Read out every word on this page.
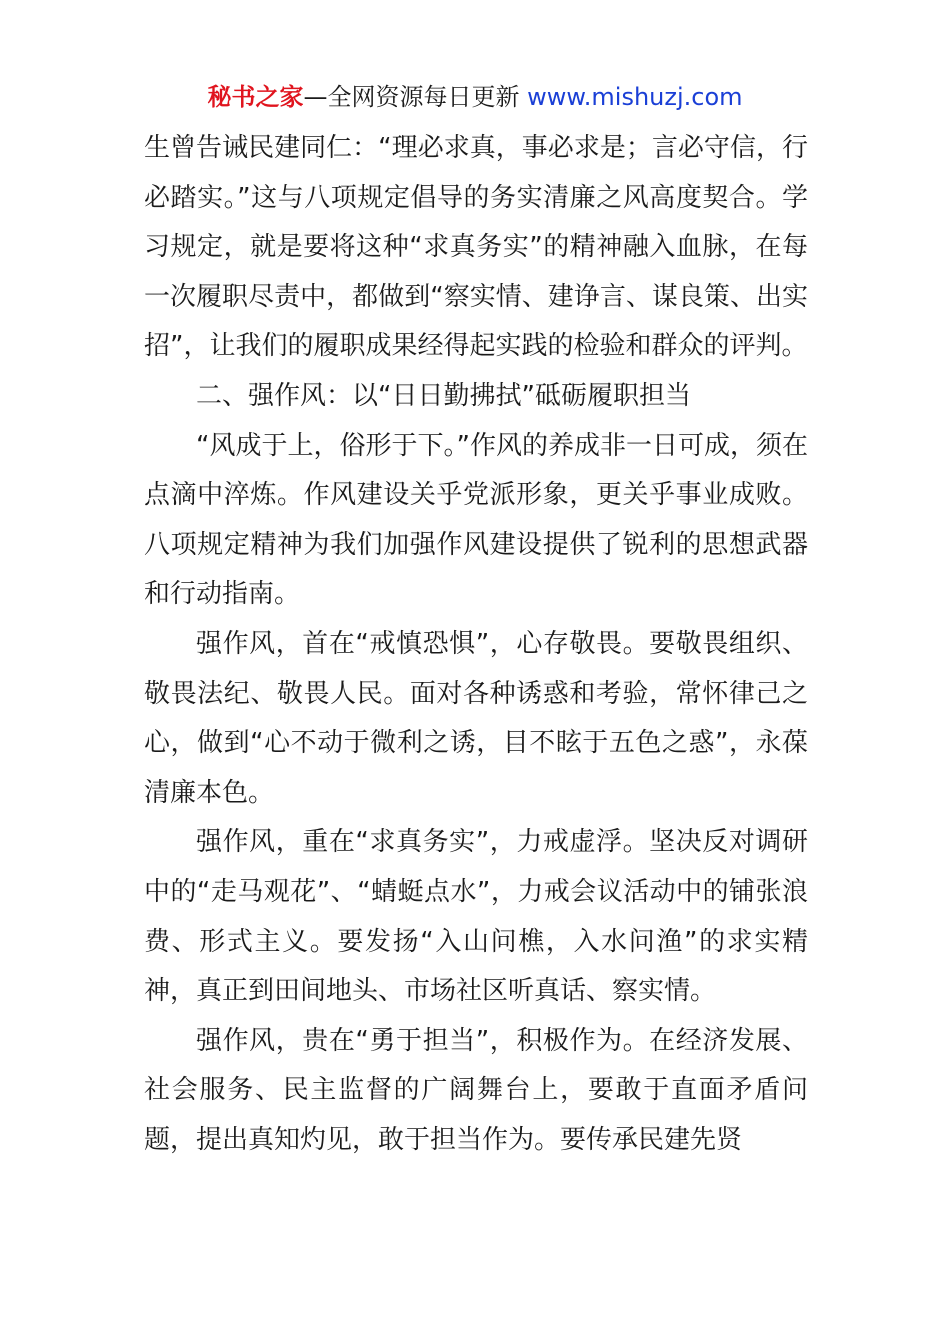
秘书之家—全网资源每日更新 www.mishuzj.com

生曾告诫民建同仁：“理必求真，事必求是；言必守信，行必踏实。”这与八项规定倡导的务实清廉之风高度契合。学习规定，就是要将这种“求真务实”的精神融入血脉，在每一次履职尽责中，都做到“察实情、建诤言、谋良策、出实招”，让我们的履职成果经得起实践的检验和群众的评判。

二、强作风：以“日日勤拂拭”砥砺履职担当

“风成于上，俗形于下。”作风的养成非一日可成，须在点滴中淬炼。作风建设关乎党派形象，更关乎事业成败。八项规定精神为我们加强作风建设提供了锐利的思想武器和行动指南。

强作风，首在“戒慎恐惧”，心存敬畏。要敬畏组织、敬畏法纪、敬畏人民。面对各种诱惑和考验，常怀律己之心，做到“心不动于微利之诱，目不眩于五色之惑”，永葆清廉本色。

强作风，重在“求真务实”，力戒虚浮。坚决反对调研中的“走马观花”、“蜻蜓点水”，力戒会议活动中的铺张浪费、形式主义。要发扬“入山问樵，入水问渔”的求实精神，真正到田间地头、市场社区听真话、察实情。

强作风，贵在“勇于担当”，积极作为。在经济发展、社会服务、民主监督的广阔舞台上，要敢于直面矛盾问题，提出真知灼见，敢于担当作为。要传承民建先贤
